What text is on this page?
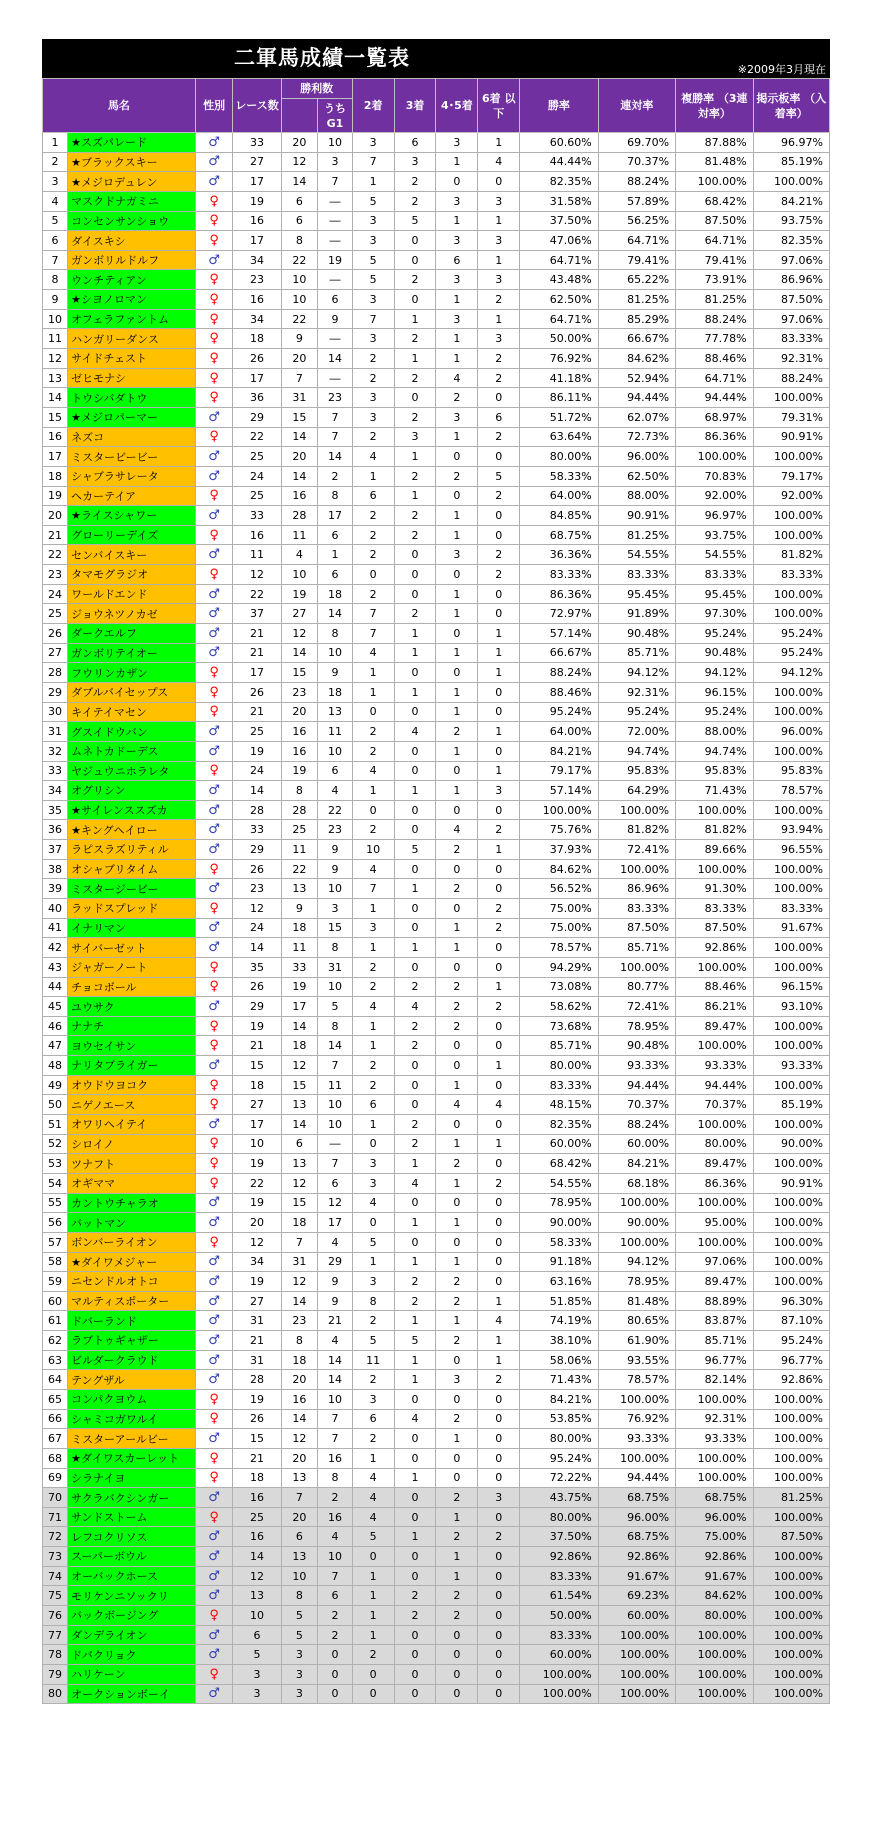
二軍馬成績一覧表	※2009年3月現在
馬名		性別	レース数	勝利数		2着	3着	4･5着	6着 以下	勝率	連対率	複勝率 （3連対率）	掲示板率 （入着率）
					うち G1								
1	★スズパレード	♂	33	20	10	3	6	3	1	60.60%	69.70%	87.88%	96.97%
2	★ブラックスキー	♂	27	12	3	7	3	1	4	44.44%	70.37%	81.48%	85.19%
3	★メジロデュレン	♂	17	14	7	1	2	0	0	82.35%	88.24%	100.00%	100.00%
4	マスクドナガミニ	♀	19	6	―	5	2	3	3	31.58%	57.89%	68.42%	84.21%
5	コンセンサンショウ	♀	16	6	―	3	5	1	1	37.50%	56.25%	87.50%	93.75%
6	ダイスキシ	♀	17	8	―	3	0	3	3	47.06%	64.71%	64.71%	82.35%
7	ガンボリルドルフ	♂	34	22	19	5	0	6	1	64.71%	79.41%	79.41%	97.06%
8	ウンチティアン	♀	23	10	―	5	2	3	3	43.48%	65.22%	73.91%	86.96%
9	★シヨノロマン	♀	16	10	6	3	0	1	2	62.50%	81.25%	81.25%	87.50%
10	オフェラファントム	♀	34	22	9	7	1	3	1	64.71%	85.29%	88.24%	97.06%
11	ハンガリーダンス	♀	18	9	―	3	2	1	3	50.00%	66.67%	77.78%	83.33%
12	サイドチェスト	♀	26	20	14	2	1	1	2	76.92%	84.62%	88.46%	92.31%
13	ゼヒモナシ	♀	17	7	―	2	2	4	2	41.18%	52.94%	64.71%	88.24%
14	トウシバダトウ	♀	36	31	23	3	0	2	0	86.11%	94.44%	94.44%	100.00%
15	★メジロパーマー	♂	29	15	7	3	2	3	6	51.72%	62.07%	68.97%	79.31%
16	ネズコ	♀	22	14	7	2	3	1	2	63.64%	72.73%	86.36%	90.91%
17	ミスタービービー	♂	25	20	14	4	1	0	0	80.00%	96.00%	100.00%	100.00%
18	シャブラサレータ	♂	24	14	2	1	2	2	5	58.33%	62.50%	70.83%	79.17%
19	ヘカーテイア	♀	25	16	8	6	1	0	2	64.00%	88.00%	92.00%	92.00%
20	★ライスシャワー	♂	33	28	17	2	2	1	0	84.85%	90.91%	96.97%	100.00%
21	グローリーデイズ	♀	16	11	6	2	2	1	0	68.75%	81.25%	93.75%	100.00%
22	センバイスキー	♂	11	4	1	2	0	3	2	36.36%	54.55%	54.55%	81.82%
23	タマモグラジオ	♀	12	10	6	0	0	0	2	83.33%	83.33%	83.33%	83.33%
24	ワールドエンド	♂	22	19	18	2	0	1	0	86.36%	95.45%	95.45%	100.00%
25	ジョウネツノカゼ	♂	37	27	14	7	2	1	0	72.97%	91.89%	97.30%	100.00%
26	ダークエルフ	♂	21	12	8	7	1	0	1	57.14%	90.48%	95.24%	95.24%
27	ガンボリテイオー	♂	21	14	10	4	1	1	1	66.67%	85.71%	90.48%	95.24%
28	フウリンカザン	♀	17	15	9	1	0	0	1	88.24%	94.12%	94.12%	94.12%
29	ダブルバイセップス	♀	26	23	18	1	1	1	0	88.46%	92.31%	96.15%	100.00%
30	キイテイマセン	♀	21	20	13	0	0	1	0	95.24%	95.24%	95.24%	100.00%
31	グスイドウバン	♂	25	16	11	2	4	2	1	64.00%	72.00%	88.00%	96.00%
32	ムネトカドーデス	♂	19	16	10	2	0	1	0	84.21%	94.74%	94.74%	100.00%
33	ヤジュウニホラレタ	♀	24	19	6	4	0	0	1	79.17%	95.83%	95.83%	95.83%
34	オグリシン	♂	14	8	4	1	1	1	3	57.14%	64.29%	71.43%	78.57%
35	★サイレンススズカ	♂	28	28	22	0	0	0	0	100.00%	100.00%	100.00%	100.00%
36	★キングヘイロー	♂	33	25	23	2	0	4	2	75.76%	81.82%	81.82%	93.94%
37	ラピスラズリティル	♂	29	11	9	10	5	2	1	37.93%	72.41%	89.66%	96.55%
38	オシャブリタイム	♀	26	22	9	4	0	0	0	84.62%	100.00%	100.00%	100.00%
39	ミスタージービー	♂	23	13	10	7	1	2	0	56.52%	86.96%	91.30%	100.00%
40	ラッドスプレッド	♀	12	9	3	1	0	0	2	75.00%	83.33%	83.33%	83.33%
41	イナリマン	♂	24	18	15	3	0	1	2	75.00%	87.50%	87.50%	91.67%
42	サイバーゼット	♂	14	11	8	1	1	1	0	78.57%	85.71%	92.86%	100.00%
43	ジャガーノート	♀	35	33	31	2	0	0	0	94.29%	100.00%	100.00%	100.00%
44	チョコボール	♀	26	19	10	2	2	2	1	73.08%	80.77%	88.46%	96.15%
45	ユウサク	♂	29	17	5	4	4	2	2	58.62%	72.41%	86.21%	93.10%
46	ナナチ	♀	19	14	8	1	2	2	0	73.68%	78.95%	89.47%	100.00%
47	ヨウセイサン	♀	21	18	14	1	2	0	0	85.71%	90.48%	100.00%	100.00%
48	ナリタブライガー	♂	15	12	7	2	0	0	1	80.00%	93.33%	93.33%	93.33%
49	オウドウヨコク	♀	18	15	11	2	0	1	0	83.33%	94.44%	94.44%	100.00%
50	ニゲノエース	♀	27	13	10	6	0	4	4	48.15%	70.37%	70.37%	85.19%
51	オワリヘイテイ	♂	17	14	10	1	2	0	0	82.35%	88.24%	100.00%	100.00%
52	シロイノ	♀	10	6	―	0	2	1	1	60.00%	60.00%	80.00%	90.00%
53	ツナフト	♀	19	13	7	3	1	2	0	68.42%	84.21%	89.47%	100.00%
54	オギママ	♀	22	12	6	3	4	1	2	54.55%	68.18%	86.36%	90.91%
55	カントウチャラオ	♂	19	15	12	4	0	0	0	78.95%	100.00%	100.00%	100.00%
56	バットマン	♂	20	18	17	0	1	1	0	90.00%	90.00%	95.00%	100.00%
57	ボンバーライオン	♀	12	7	4	5	0	0	0	58.33%	100.00%	100.00%	100.00%
58	★ダイワメジャー	♂	34	31	29	1	1	1	0	91.18%	94.12%	97.06%	100.00%
59	ニセンドルオトコ	♂	19	12	9	3	2	2	0	63.16%	78.95%	89.47%	100.00%
60	マルティスポーター	♂	27	14	9	8	2	2	1	51.85%	81.48%	88.89%	96.30%
61	ドバーランド	♂	31	23	21	2	1	1	4	74.19%	80.65%	83.87%	87.10%
62	ラブトゥギャザー	♂	21	8	4	5	5	2	1	38.10%	61.90%	85.71%	95.24%
63	ビルダークラウド	♂	31	18	14	11	1	0	1	58.06%	93.55%	96.77%	96.77%
64	テングザル	♂	28	20	14	2	1	3	2	71.43%	78.57%	82.14%	92.86%
65	コンパクヨウム	♀	19	16	10	3	0	0	0	84.21%	100.00%	100.00%	100.00%
66	シャミコガワルイ	♀	26	14	7	6	4	2	0	53.85%	76.92%	92.31%	100.00%
67	ミスターアールビー	♂	15	12	7	2	0	1	0	80.00%	93.33%	93.33%	100.00%
68	★ダイワスカーレット	♀	21	20	16	1	0	0	0	95.24%	100.00%	100.00%	100.00%
69	シラナイヨ	♀	18	13	8	4	1	0	0	72.22%	94.44%	100.00%	100.00%
70	サクラバクシンガー	♂	16	7	2	4	0	2	3	43.75%	68.75%	68.75%	81.25%
71	サンドストーム	♀	25	20	16	4	0	1	0	80.00%	96.00%	96.00%	100.00%
72	レフコクリソス	♂	16	6	4	5	1	2	2	37.50%	68.75%	75.00%	87.50%
73	スーパーボウル	♂	14	13	10	0	0	1	0	92.86%	92.86%	92.86%	100.00%
74	オーバックホース	♂	12	10	7	1	0	1	0	83.33%	91.67%	91.67%	100.00%
75	モリケンニソックリ	♂	13	8	6	1	2	2	0	61.54%	69.23%	84.62%	100.00%
76	バックボージング	♀	10	5	2	1	2	2	0	50.00%	60.00%	80.00%	100.00%
77	ダンデライオン	♂	6	5	2	1	0	0	0	83.33%	100.00%	100.00%	100.00%
78	ドバクリョク	♂	5	3	0	2	0	0	0	60.00%	100.00%	100.00%	100.00%
79	ハリケーン	♀	3	3	0	0	0	0	0	100.00%	100.00%	100.00%	100.00%
80	オークションボーイ	♂	3	3	0	0	0	0	0	100.00%	100.00%	100.00%	100.00%
